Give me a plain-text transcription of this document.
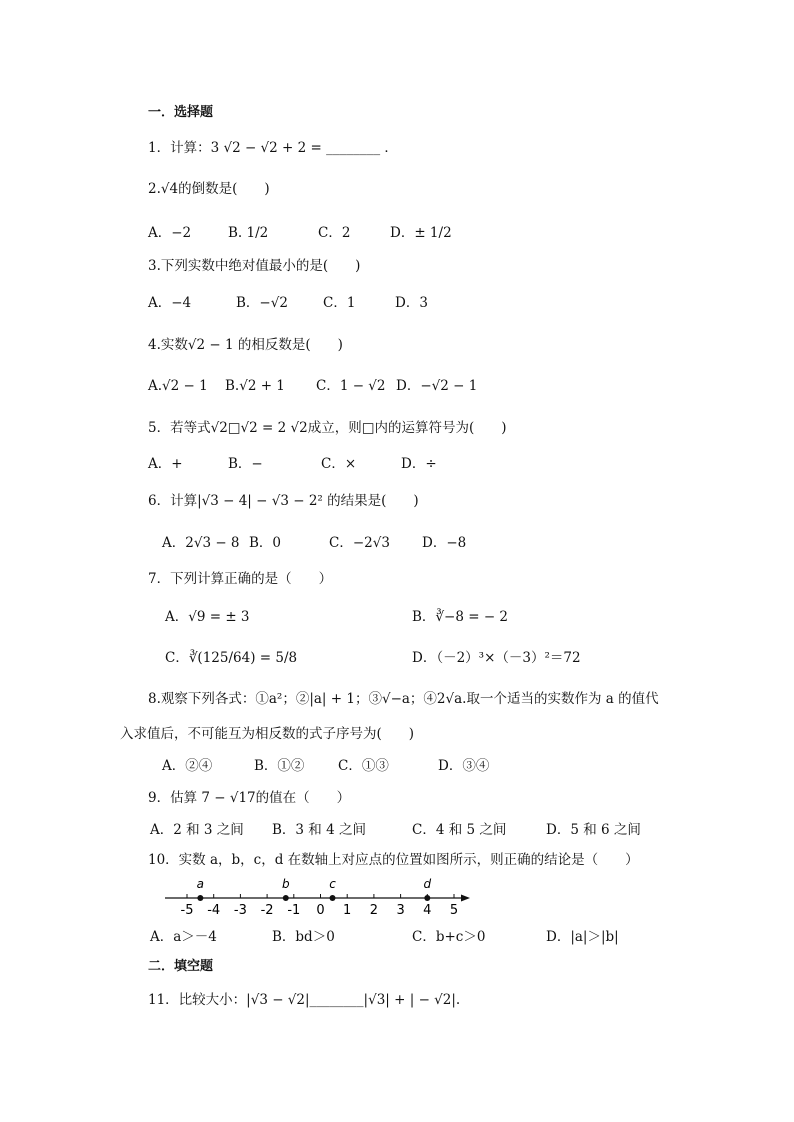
一．选择题
1．计算：3 √2 − √2 + 2 = ________ ．
2.√4的倒数是(　　)
A．−2	B. 1/2	C．2	D．± 1/2
3.下列实数中绝对值最小的是(　　)
A．−4	B．−√2	C．1	D．3
4.实数√2 − 1 的相反数是(　　)
A.√2 − 1 B.√2 + 1 C．1 − √2 D．−√2 − 1
5．若等式√2□√2 = 2 √2成立，则□内的运算符号为(　　)
A．+	B．−	C．×	D．÷
6．计算|√3 − 4| − √3 − 2² 的结果是(　　)
A．2√3 − 8 B．0	C．−2√3 D．−8
7．下列计算正确的是（　　）
A．√9 = ± 3	B．∛−8 = − 2
C．∛(125/64) = 5/8	D．（－2）³×（－3）²＝72
8.观察下列各式：①a²；②|a| + 1；③√−a；④2√a.取一个适当的实数作为 a 的值代
入求值后，不可能互为相反数的式子序号为(　　)
A．②④	B．①② C．①③	D．③④
9．估算 7 − √17的值在（　　）
A．2 和 3 之间 B．3 和 4 之间	C．4 和 5 之间	D．5 和 6 之间
10．实数 a，b，c，d 在数轴上对应点的位置如图所示，则正确的结论是（　　）
-5 -4 -3 -2 -1 0 1 2 3 4 5
a	b	c	d
A．a＞－4	B．bd＞0	C．b+c＞0	D．|a|＞|b|
二．填空题
11．比较大小：|√3 − √2|________|√3| + | − √2|.
